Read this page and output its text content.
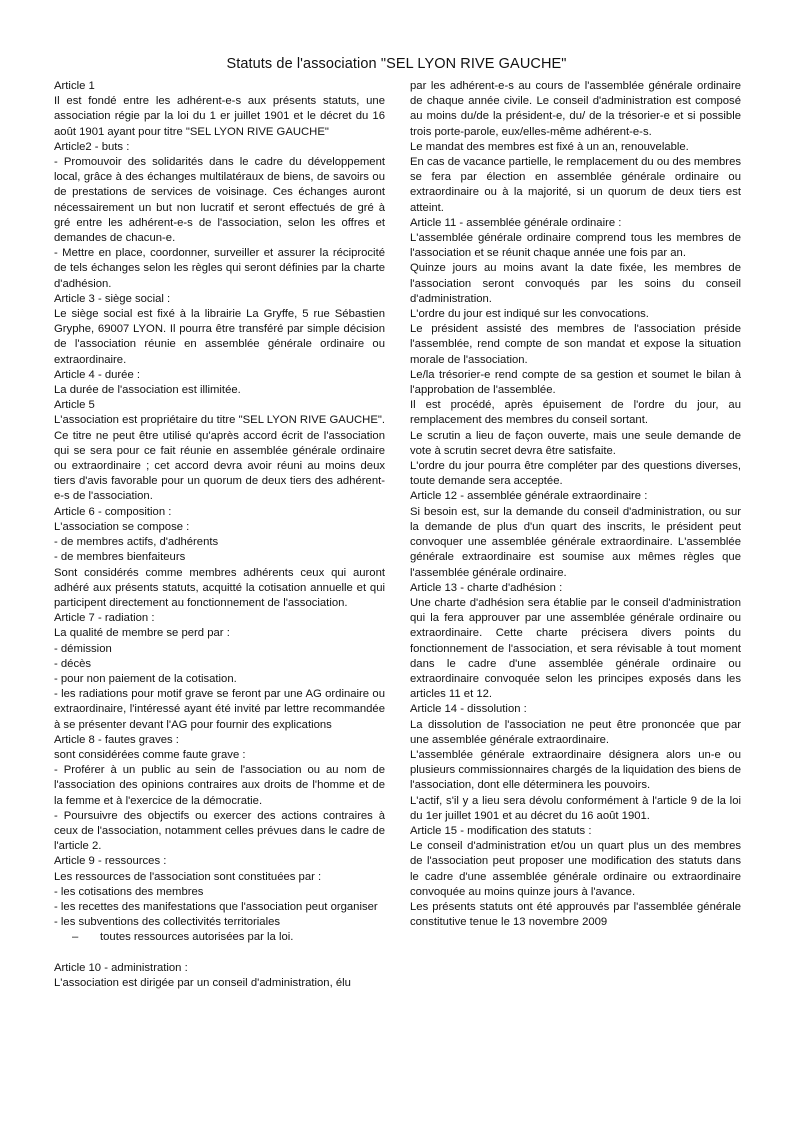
Statuts de l'association "SEL LYON RIVE GAUCHE"

Article 1

Il est fondé entre les adhérent-e-s aux présents statuts, une association régie par la loi du 1 er juillet 1901 et le décret du 16 août 1901 ayant pour titre "SEL LYON RIVE GAUCHE"

Article2 - buts :

- Promouvoir des solidarités dans le cadre du développement local, grâce à des échanges multilatéraux de biens, de savoirs ou de prestations de services de voisinage. Ces échanges auront nécessairement un but non lucratif et seront effectués de gré à gré entre les adhérent-e-s de l'association, selon les offres et demandes de chacun-e.

- Mettre en place, coordonner, surveiller et assurer la réciprocité de tels échanges selon les règles qui seront définies par la charte d'adhésion.

Article 3 - siège social :

Le siège social est fixé à la librairie La Gryffe, 5 rue Sébastien Gryphe, 69007 LYON. Il pourra être transféré par simple décision de l'association réunie en assemblée générale ordinaire ou extraordinaire.

Article 4 - durée :

La durée de l'association est illimitée.

Article 5

L'association est propriétaire du titre "SEL LYON RIVE GAUCHE". Ce titre ne peut être utilisé qu'après accord écrit de l'association qui se sera pour ce fait réunie en assemblée générale ordinaire ou extraordinaire ; cet accord devra avoir réuni au moins deux tiers d'avis favorable pour un quorum de deux tiers des adhérent-e-s de l'association.

Article 6 - composition :

L'association se compose :

- de membres actifs, d'adhérents

- de membres bienfaiteurs

Sont considérés comme membres adhérents ceux qui auront adhéré aux présents statuts, acquitté la cotisation annuelle et qui participent directement au fonctionnement de l'association.

Article 7 - radiation :

La qualité de membre se perd par :

- démission

- décès

- pour non paiement de la cotisation.

- les radiations pour motif grave se feront par une AG ordinaire ou extraordinaire, l'intéressé ayant été invité par lettre recommandée à se présenter devant l'AG pour fournir des explications

Article 8 - fautes graves :

sont considérées comme faute grave :

- Proférer à un public au sein de l'association ou au nom de l'association des opinions contraires aux droits de l'homme et de la femme et à l'exercice de la démocratie.

- Poursuivre des objectifs ou exercer des actions contraires à ceux de l'association, notamment celles prévues dans le cadre de l'article 2.

Article 9 - ressources :

Les ressources de l'association sont constituées par :

- les cotisations des membres

- les recettes des manifestations que l'association peut organiser

- les subventions des collectivités territoriales

– toutes ressources autorisées par la loi.

Article 10 - administration :

L'association est dirigée par un conseil d'administration, élu

par les adhérent-e-s au cours de l'assemblée générale ordinaire de chaque année civile. Le conseil d'administration est composé au moins du/de la président-e, du/ de la trésorier-e et si possible trois porte-parole, eux/elles-même adhérent-e-s.

Le mandat des membres est fixé à un an, renouvelable.

En cas de vacance partielle, le remplacement du ou des membres se fera par élection en assemblée générale ordinaire ou extraordinaire ou à la majorité, si un quorum de deux tiers est atteint.

Article 11 - assemblée générale ordinaire :

L'assemblée générale ordinaire comprend tous les membres de l'association et se réunit chaque année une fois par an.

Quinze jours au moins avant la date fixée, les membres de l'association seront convoqués par les soins du conseil d'administration.

L'ordre du jour est indiqué sur les convocations.

Le président assisté des membres de l'association préside l'assemblée, rend compte de son mandat et expose la situation morale de l'association.

Le/la trésorier-e rend compte de sa gestion et soumet le bilan à l'approbation de l'assemblée.

Il est procédé, après épuisement de l'ordre du jour, au remplacement des membres du conseil sortant.

Le scrutin a lieu de façon ouverte, mais une seule demande de vote à scrutin secret devra être satisfaite.

L'ordre du jour pourra être compléter par des questions diverses, toute demande sera acceptée.

Article 12 - assemblée générale extraordinaire :

Si besoin est, sur la demande du conseil d'administration, ou sur la demande de plus d'un quart des inscrits, le président peut convoquer une assemblée générale extraordinaire. L'assemblée générale extraordinaire est soumise aux mêmes règles que l'assemblée générale ordinaire.

Article 13 - charte d'adhésion :

Une charte d'adhésion sera établie par le conseil d'administration qui la fera approuver par une assemblée générale ordinaire ou extraordinaire. Cette charte précisera divers points du fonctionnement de l'association, et sera révisable à tout moment dans le cadre d'une assemblée générale ordinaire ou extraordinaire convoquée selon les principes exposés dans les articles 11 et 12.

Article 14 - dissolution :

La dissolution de l'association ne peut être prononcée que par une assemblée générale extraordinaire.

L'assemblée générale extraordinaire désignera alors un-e ou plusieurs commissionnaires chargés de la liquidation des biens de l'association, dont elle déterminera les pouvoirs.

L'actif, s'il y a lieu sera dévolu conformément à l'article 9 de la loi du 1er juillet 1901 et au décret du 16 août 1901.

Article 15 - modification des statuts :

Le conseil d'administration et/ou un quart plus un des membres de l'association peut proposer une modification des statuts dans le cadre d'une assemblée générale ordinaire ou extraordinaire convoquée au moins quinze jours à l'avance.

Les présents statuts ont été approuvés par l'assemblée générale constitutive tenue le 13 novembre 2009
